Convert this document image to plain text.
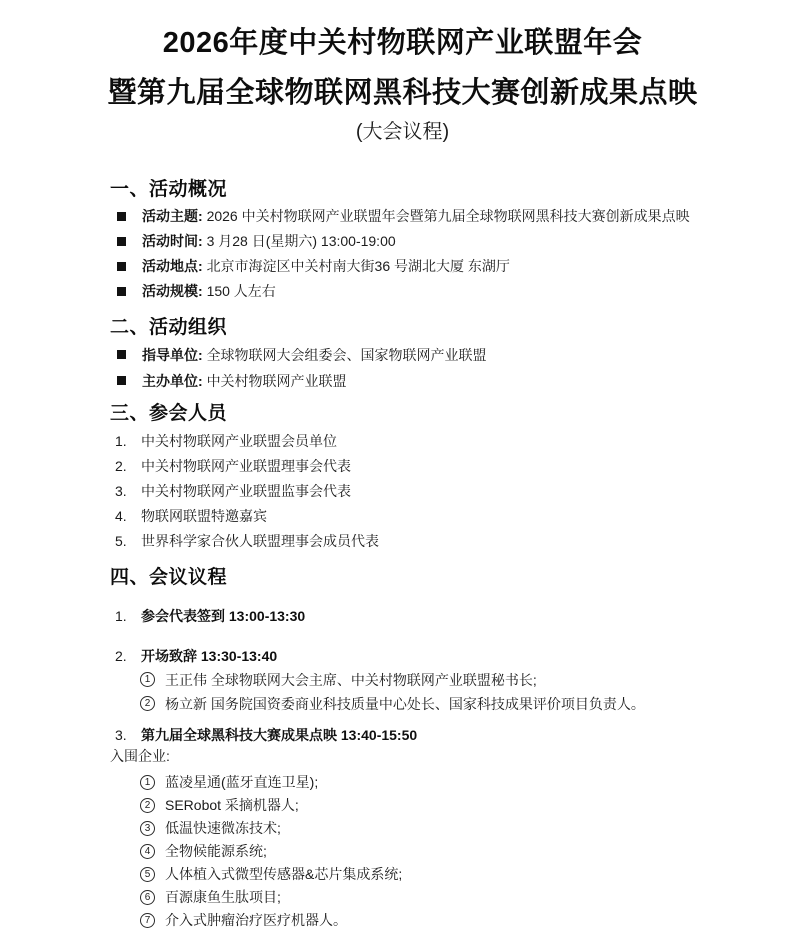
2026年度中关村物联网产业联盟年会
暨第九届全球物联网黑科技大赛创新成果点映
(大会议程)
一、活动概况
活动主题: 2026 中关村物联网产业联盟年会暨第九届全球物联网黑科技大赛创新成果点映
活动时间: 3 月28 日(星期六) 13:00-19:00
活动地点: 北京市海淀区中关村南大街36 号湖北大厦 东湖厅
活动规模: 150 人左右
二、活动组织
指导单位: 全球物联网大会组委会、国家物联网产业联盟
主办单位: 中关村物联网产业联盟
三、参会人员
1.	中关村物联网产业联盟会员单位
2.	中关村物联网产业联盟理事会代表
3.	中关村物联网产业联盟监事会代表
4.	物联网联盟特邀嘉宾
5.	世界科学家合伙人联盟理事会成员代表
四、会议议程
1.	参会代表签到 13:00-13:30
2.	开场致辞 13:30-13:40
1	王正伟 全球物联网大会主席、中关村物联网产业联盟秘书长;
2	杨立新 国务院国资委商业科技质量中心处长、国家科技成果评价项目负责人。
3.	第九届全球黑科技大赛成果点映 13:40-15:50
入围企业:
1	蓝凌星通(蓝牙直连卫星);
2	SERobot 采摘机器人;
3	低温快速微冻技术;
4	全物候能源系统;
5	人体植入式微型传感器&芯片集成系统;
6	百源康鱼生肽项目;
7	介入式肿瘤治疗医疗机器人。
